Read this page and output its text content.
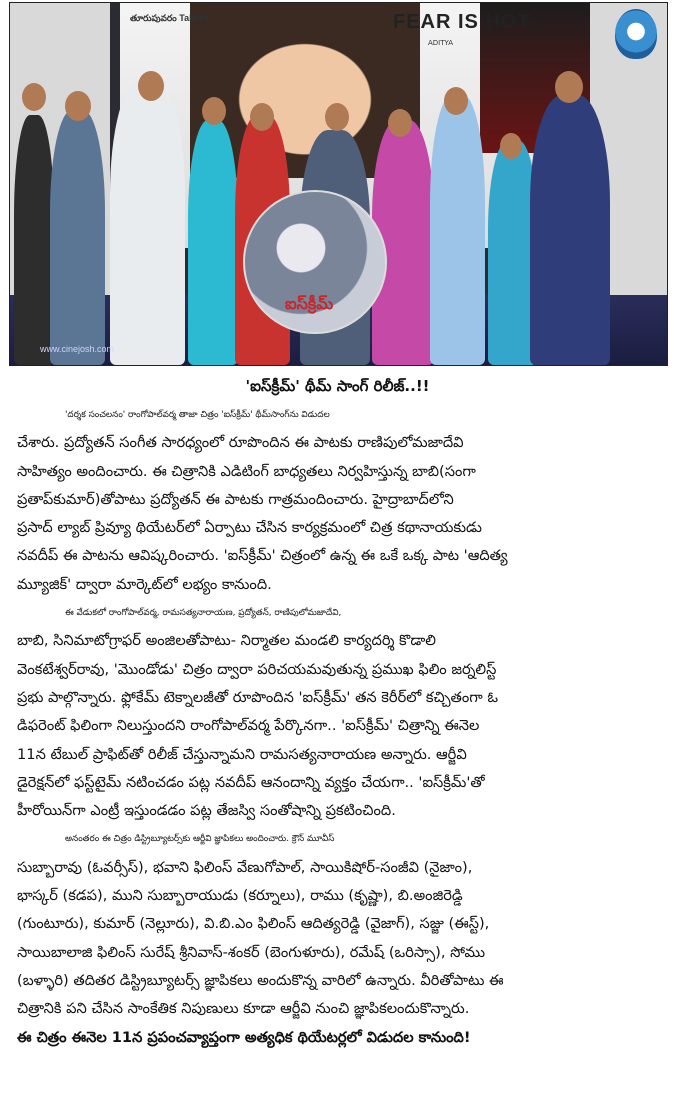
తూరుపువరం Talkies	FEAR IS HOT
ADITYA
ఐస్‌క్రీమ్
www.cinejosh.com
'ఐస్‌క్రీమ్' థీమ్ సాంగ్ రిలీజ్..!!
'దర్శక సంచలనం' రాంగోపాల్‌వర్మ తాజా చిత్రం 'ఐస్‌క్రీమ్' థీమ్‌సాంగ్‌ను విడుదల
చేశారు. ప్రద్యోతన్ సంగీత సారధ్యంలో రూపొందిన ఈ పాటకు రాణిపులోమజాదేవి
సాహిత్యం అందించారు. ఈ చిత్రానికి ఎడిటింగ్ బాధ్యతలు నిర్వహిస్తున్న బాబి(సంగా
ప్రతాప్‌కుమార్)తోపాటు ప్రద్యోతన్ ఈ పాటకు గాత్రమందించారు. హైద్రాబాద్‌లోని
ప్రసాద్ ల్యాబ్ ప్రివ్యూ థియేటర్‌లో ఏర్పాటు చేసిన కార్యక్రమంలో చిత్ర కథానాయకుడు
నవదీప్ ఈ పాటను ఆవిష్కరించారు. 'ఐస్‌క్రీమ్' చిత్రంలో ఉన్న ఈ ఒకే ఒక్క పాట 'ఆదిత్య
మ్యూజిక్' ద్వారా మార్కెట్‌లో లభ్యం కానుంది.
ఈ వేడుకలో రాంగోపాల్‌వర్మ, రామసత్యనారాయణ, ప్రద్యోతన్, రాణిపులోమజాదేవి,
బాబి, సినిమాటోగ్రాఫర్ అంజిలతోపాటు- నిర్మాతల మండలి కార్యదర్శి కొడాలి
వెంకటేశ్వర్‌రావు, 'మొండోడు' చిత్రం ద్వారా పరిచయమవుతున్న ప్రముఖ ఫిలిం జర్నలిస్ట్
ప్రభు పాల్గొన్నారు. ఫ్లోకేమ్ టెక్నాలజీతో రూపొందిన 'ఐస్‌క్రీమ్' తన కెరీర్‌లో కచ్చితంగా ఓ
డిఫరెంట్ ఫిలింగా నిలుస్తుందని రాంగోపాల్‌వర్మ పేర్కొనగా.. 'ఐస్‌క్రీమ్' చిత్రాన్ని ఈనెల
11న టేబుల్ ప్రాఫిట్‌తో రిలీజ్ చేస్తున్నామని రామసత్యనారాయణ అన్నారు. ఆర్జీవి
డైరెక్షన్‌లో ఫస్ట్‌టైమ్ నటించడం పట్ల నవదీప్ ఆనందాన్ని వ్యక్తం చేయగా.. 'ఐస్‌క్రీమ్'తో
హీరోయిన్‌గా ఎంట్రీ ఇస్తుండడం పట్ల తేజస్వి సంతోషాన్ని ప్రకటించింది.
అనంతరం ఈ చిత్రం డిస్ట్రిబ్యూటర్స్‌కు ఆర్జీవి జ్ఞాపికలు అందించారు. క్రౌన్ మూవీస్
సుబ్బారావు (ఓవర్సీస్), భవాని ఫిలింస్ వేణుగోపాల్, సాయికిషోర్-సంజీవి (నైజాం),
భాస్కర్ (కడప), ముని సుబ్బారాయుడు (కర్నూలు), రాము (కృష్ణా), బి.అంజిరెడ్డి
(గుంటూరు), కుమార్ (నెల్లూరు), వి.బి.ఎం ఫిలింస్ ఆదిత్యరెడ్డి (వైజాగ్), సజ్జు (ఈస్ట్),
సాయిబాలాజి ఫిలింస్ సురేష్ శ్రీనివాస్-శంకర్ (బెంగుళూరు), రమేష్ (ఒరిస్సా), సోము
(బళ్ళారి) తదితర డిస్ట్రిబ్యూటర్స్ జ్ఞాపికలు అందుకొన్న వారిలో ఉన్నారు. వీరితోపాటు ఈ
చిత్రానికి పని చేసిన సాంకేతిక నిపుణులు కూడా ఆర్జీవి నుంచి జ్ఞాపికలందుకొన్నారు.
ఈ చిత్రం ఈనెల 11న ప్రపంచవ్యాప్తంగా అత్యధిక థియేటర్లలో విడుదల కానుంది!
